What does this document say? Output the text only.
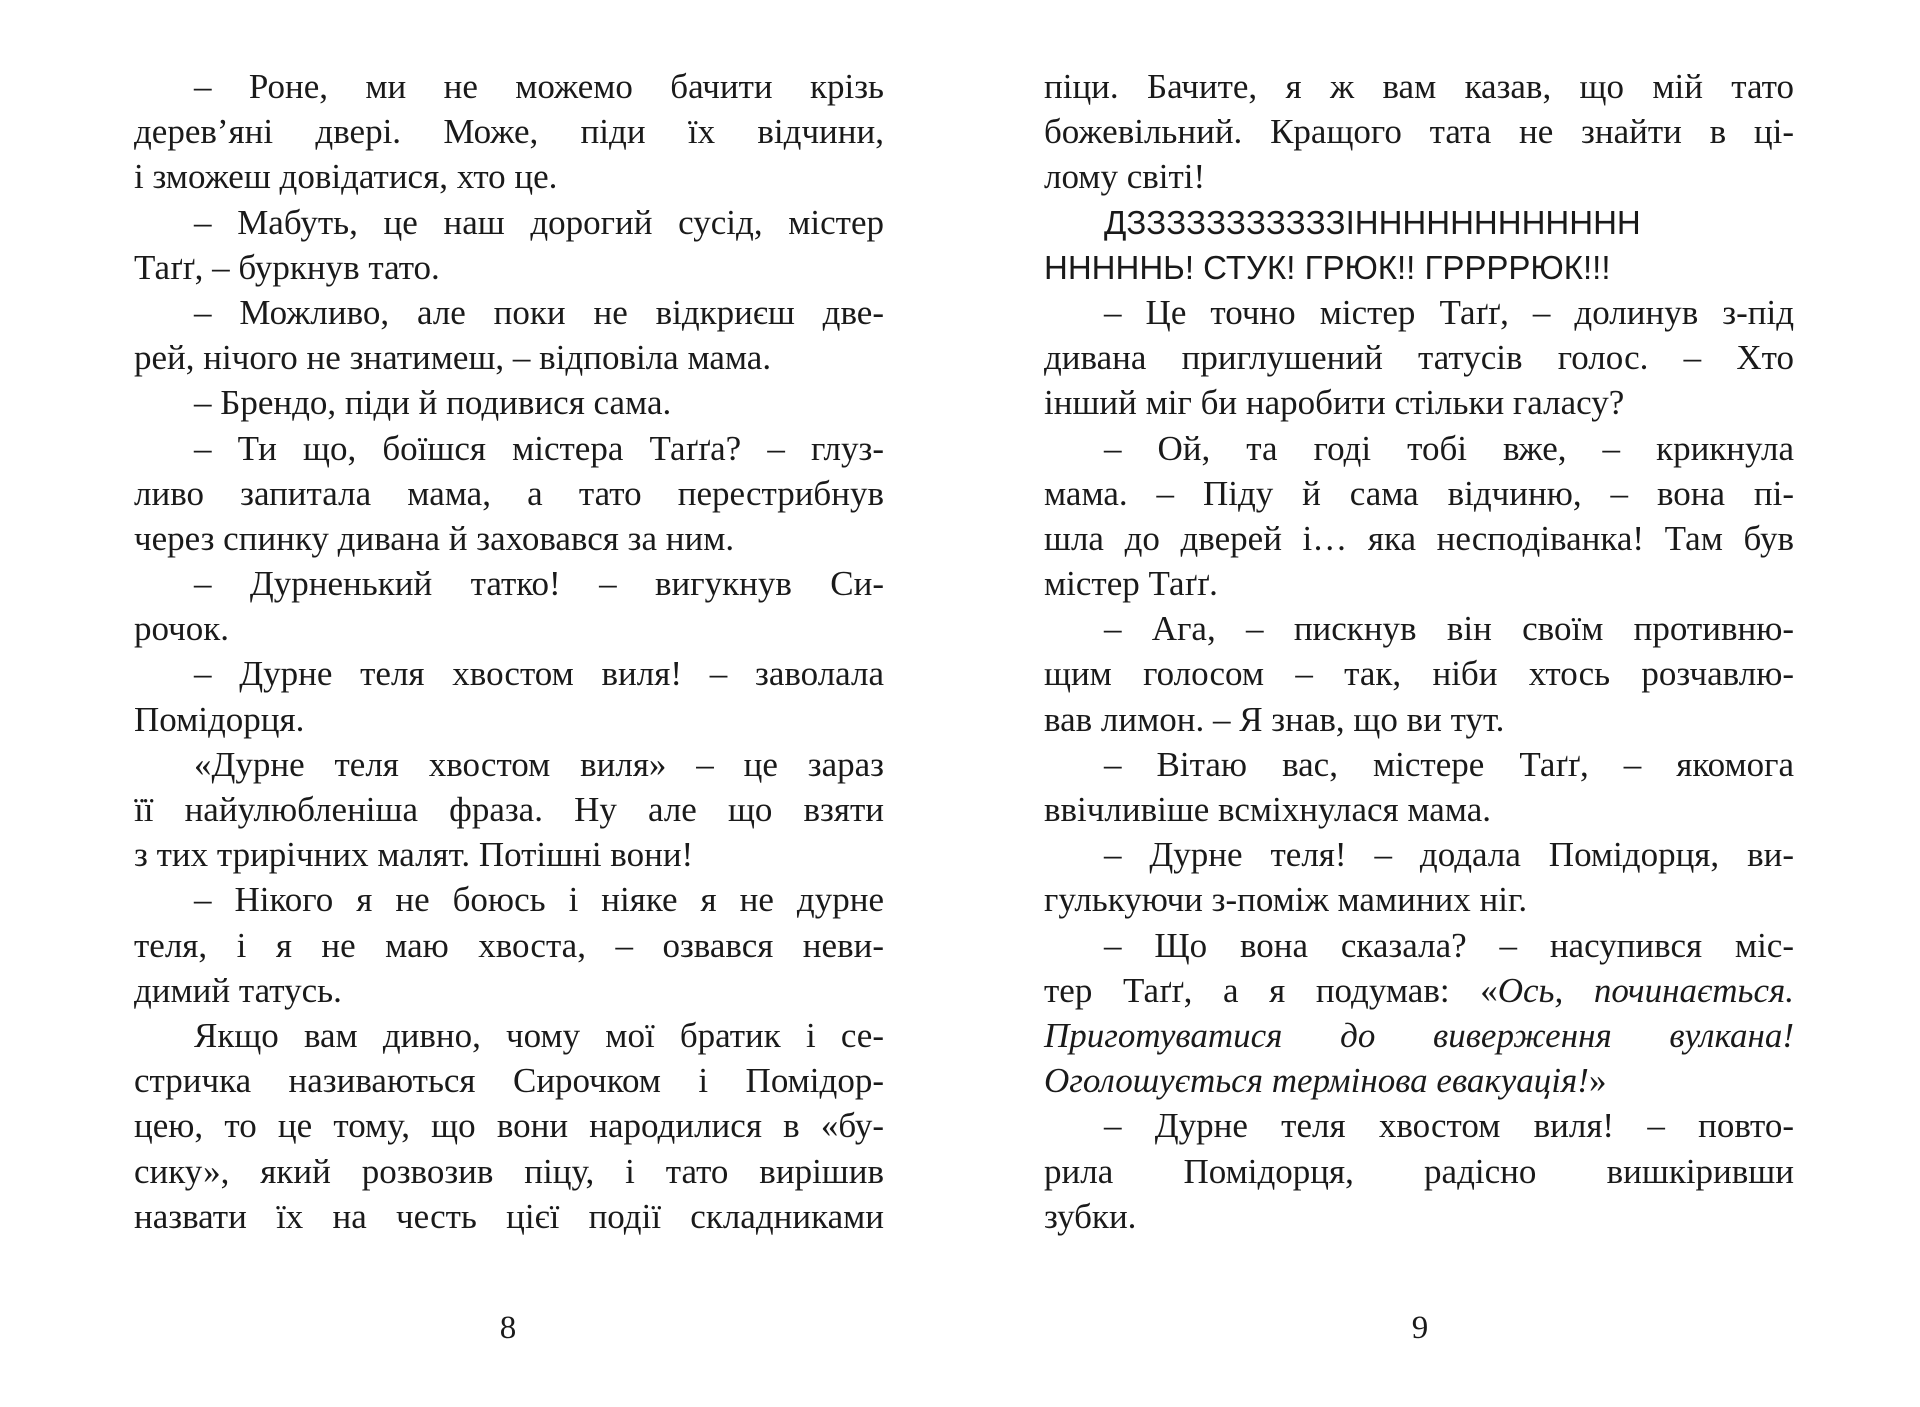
– Роне, ми не можемо бачити крізь
дерев’яні двері. Може, піди їх відчини,
і зможеш довідатися, хто це.
– Мабуть, це наш дорогий сусід, містер
Таґґ, – буркнув тато.
– Можливо, але поки не відкриєш две-
рей, нічого не знатимеш, – відповіла мама.
– Брендо, піди й подивися сама.
– Ти що, боїшся містера Таґґа? – глуз-
ливо запитала мама, а тато перестрибнув
через спинку дивана й заховався за ним.
– Дурненький татко! – вигукнув Си-
рочок.
– Дурне теля хвостом виля! – заволала
Помідорця.
«Дурне теля хвостом виля» – це зараз
її найулюбленіша фраза. Ну але що взяти
з тих трирічних малят. Потішні вони!
– Нікого я не боюсь і ніяке я не дурне
теля, і я не маю хвоста, – озвався неви-
димий татусь.
Якщо вам дивно, чому мої братик і се-
стричка називаються Сирочком і Помідор-
цею, то це тому, що вони народилися в «бу-
сику», який розвозив піцу, і тато вирішив
назвати їх на честь цієї події складниками
піци. Бачите, я ж вам казав, що мій тато
божевільний. Кращого тата не знайти в ці-
лому світі!
ДЗЗЗЗЗЗЗЗЗЗЗІНННННННННННН
НННННЬ! СТУК! ГРЮК!! ГРРРРЮК!!!
– Це точно містер Таґґ, – долинув з-під
дивана приглушений татусів голос. – Хто
інший міг би наробити стільки галасу?
– Ой, та годі тобі вже, – крикнула
мама. – Піду й сама відчиню, – вона пі-
шла до дверей і… яка несподіванка! Там був
містер Таґґ.
– Ага, – пискнув він своїм противню-
щим голосом – так, ніби хтось розчавлю-
вав лимон. – Я знав, що ви тут.
– Вітаю вас, містере Таґґ, – якомога
ввічливіше всміхнулася мама.
– Дурне теля! – додала Помідорця, ви-
гулькуючи з-поміж маминих ніг.
– Що вона сказала? – насупився міс-
тер Таґґ, а я подумав: «Ось, починається.
Приготуватися до виверження вулкана!
Оголошується термінова евакуація!»
– Дурне теля хвостом виля! – повто-
рила Помідорця, радісно вишкіривши
зубки.
8	9
